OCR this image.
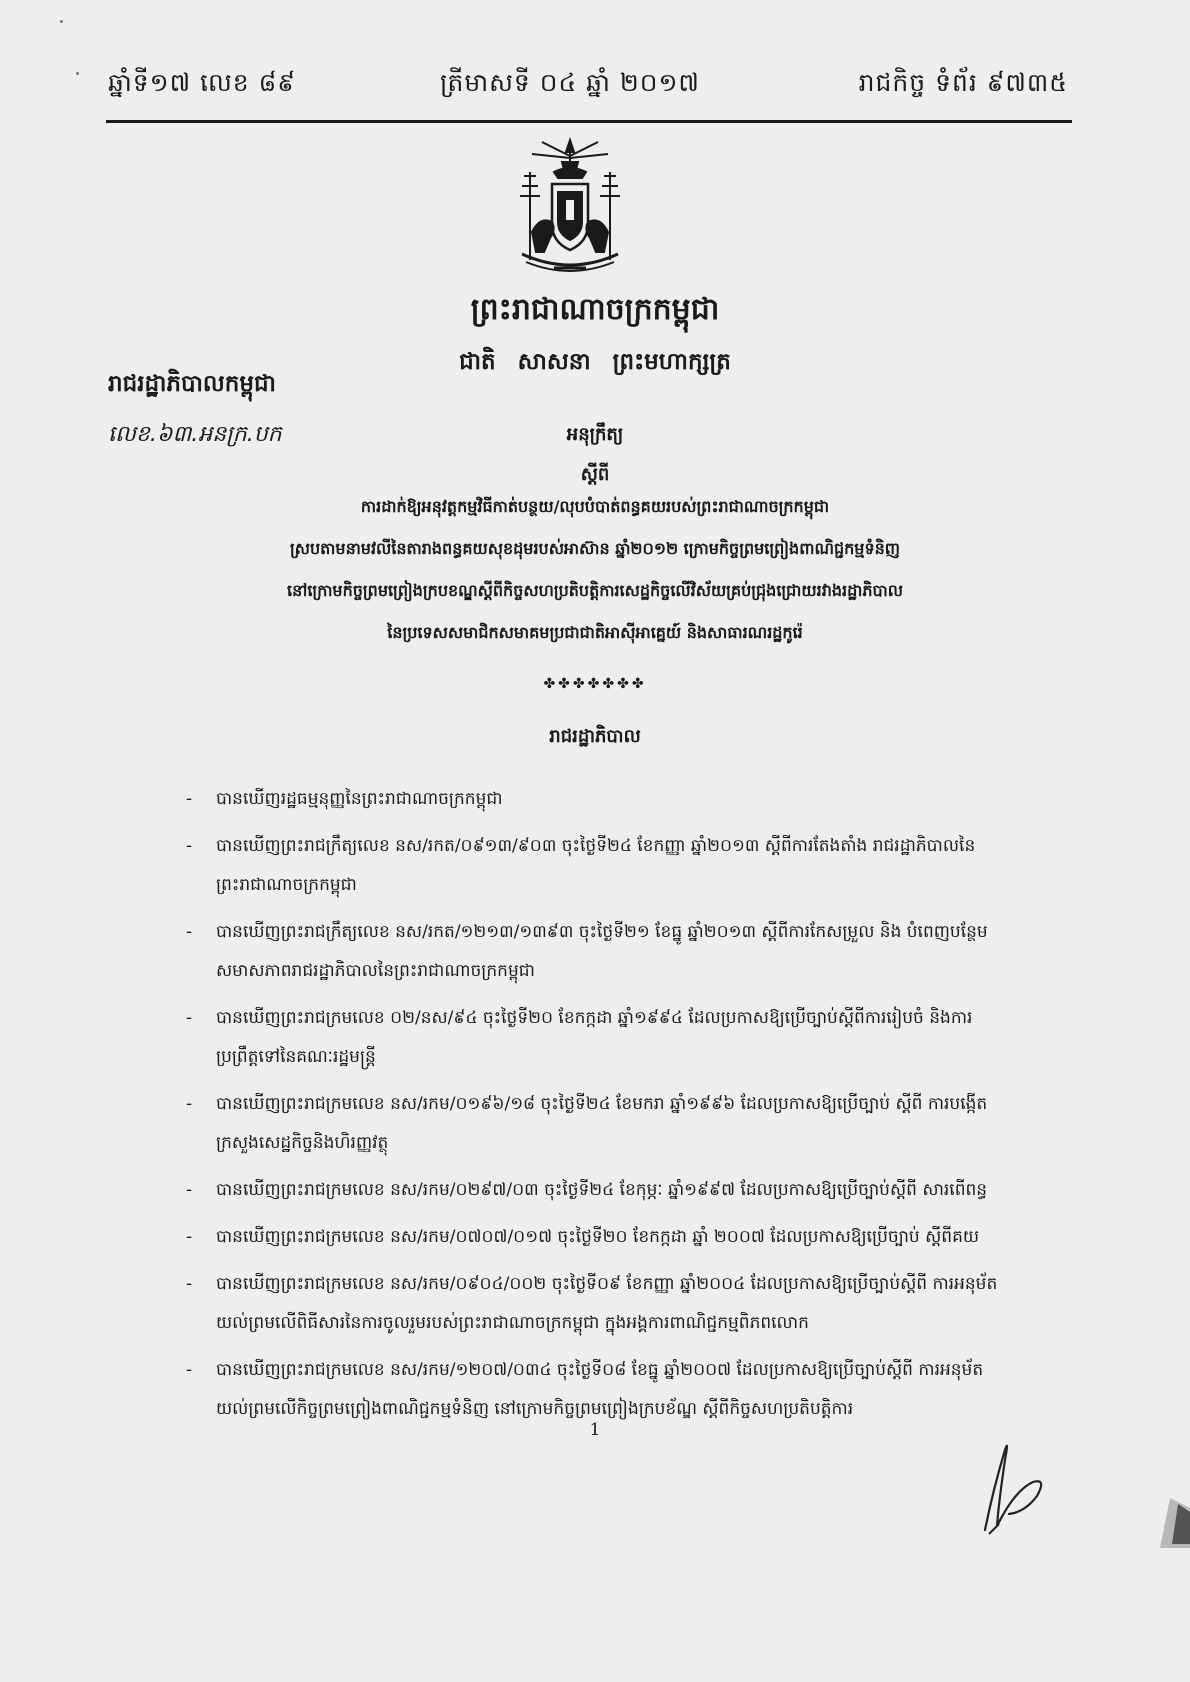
ឆ្នាំទី១៧ លេខ ៨៩	ត្រីមាសទី ០៤ ឆ្នាំ ២០១៧	រាជកិច្ច ទំព័រ ៩៧៣៥
ព្រះរាជាណាចក្រកម្ពុជា
ជាតិ សាសនា ព្រះមហាក្សត្រ
រាជរដ្ឋាភិបាលកម្ពុជា
លេខ.៦៣.អនក្រ.បក	អនុក្រឹត្យ
ស្តីពី
ការដាក់ឱ្យអនុវត្តកម្មវិធីកាត់បន្ថយ/លុបបំបាត់ពន្ធគយរបស់ព្រះរាជាណាចក្រកម្ពុជា
ស្របតាមនាមវលីនៃតារាងពន្ធគយសុខដុមរបស់អាស៊ាន ឆ្នាំ២០១២ ក្រោមកិច្ចព្រមព្រៀងពាណិជ្ជកម្មទំនិញ
នៅក្រោមកិច្ចព្រមព្រៀងក្របខណ្ឌស្តីពីកិច្ចសហប្រតិបត្តិការសេដ្ឋកិច្ចលើវិស័យគ្រប់ជ្រុងជ្រោយរវាងរដ្ឋាភិបាល
នៃប្រទេសសមាជិកសមាគមប្រជាជាតិអាស៊ីអាគ្នេយ៍ និងសាធារណរដ្ឋកូរ៉េ
✤✤✤✤✤✤✤
រាជរដ្ឋាភិបាល
- បានឃើញរដ្ឋធម្មនុញ្ញនៃព្រះរាជាណាចក្រកម្ពុជា
- បានឃើញព្រះរាជក្រឹត្យលេខ នស/រកត/០៩១៣/៩០៣ ចុះថ្ងៃទី២៤ ខែកញ្ញា ឆ្នាំ២០១៣ ស្តីពីការតែងតាំង រាជរដ្ឋាភិបាលនៃព្រះរាជាណាចក្រកម្ពុជា
- បានឃើញព្រះរាជក្រឹត្យលេខ នស/រកត/១២១៣/១៣៩៣ ចុះថ្ងៃទី២១ ខែធ្នូ ឆ្នាំ២០១៣ ស្តីពីការកែសម្រួល និង បំពេញបន្ថែមសមាសភាពរាជរដ្ឋាភិបាលនៃព្រះរាជាណាចក្រកម្ពុជា
- បានឃើញព្រះរាជក្រមលេខ ០២/នស/៩៤ ចុះថ្ងៃទី២០ ខែកក្កដា ឆ្នាំ១៩៩៤ ដែលប្រកាសឱ្យប្រើច្បាប់ស្តីពីការរៀបចំ និងការប្រព្រឹត្តទៅនៃគណៈរដ្ឋមន្ត្រី
- បានឃើញព្រះរាជក្រមលេខ នស/រកម/០១៩៦/១៨ ចុះថ្ងៃទី២៤ ខែមករា ឆ្នាំ១៩៩៦ ដែលប្រកាសឱ្យប្រើច្បាប់ ស្តីពី ការបង្កើតក្រសួងសេដ្ឋកិច្ចនិងហិរញ្ញវត្ថុ
- បានឃើញព្រះរាជក្រមលេខ នស/រកម/០២៩៧/០៣ ចុះថ្ងៃទី២៤ ខែកុម្ភៈ ឆ្នាំ១៩៩៧ ដែលប្រកាសឱ្យប្រើច្បាប់ស្តីពី សារពើពន្ធ
- បានឃើញព្រះរាជក្រមលេខ នស/រកម/០៧០៧/០១៧ ចុះថ្ងៃទី២០ ខែកក្កដា ឆ្នាំ ២០០៧ ដែលប្រកាសឱ្យប្រើច្បាប់ ស្តីពីគយ
- បានឃើញព្រះរាជក្រមលេខ នស/រកម/០៩០៤/០០២ ចុះថ្ងៃទី០៩ ខែកញ្ញា ឆ្នាំ២០០៤ ដែលប្រកាសឱ្យប្រើច្បាប់ស្តីពី ការអនុម័តយល់ព្រមលើពិធីសារនៃការចូលរួមរបស់ព្រះរាជាណាចក្រកម្ពុជា ក្នុងអង្គការពាណិជ្ជកម្មពិភពលោក
- បានឃើញព្រះរាជក្រមលេខ នស/រកម/១២០៧/០៣៤ ចុះថ្ងៃទី០៨ ខែធ្នូ ឆ្នាំ២០០៧ ដែលប្រកាសឱ្យប្រើច្បាប់ស្តីពី ការអនុម័តយល់ព្រមលើកិច្ចព្រមព្រៀងពាណិជ្ជកម្មទំនិញ នៅក្រោមកិច្ចព្រមព្រៀងក្របខ័ណ្ឌ ស្តីពីកិច្ចសហប្រតិបត្តិការ
1
